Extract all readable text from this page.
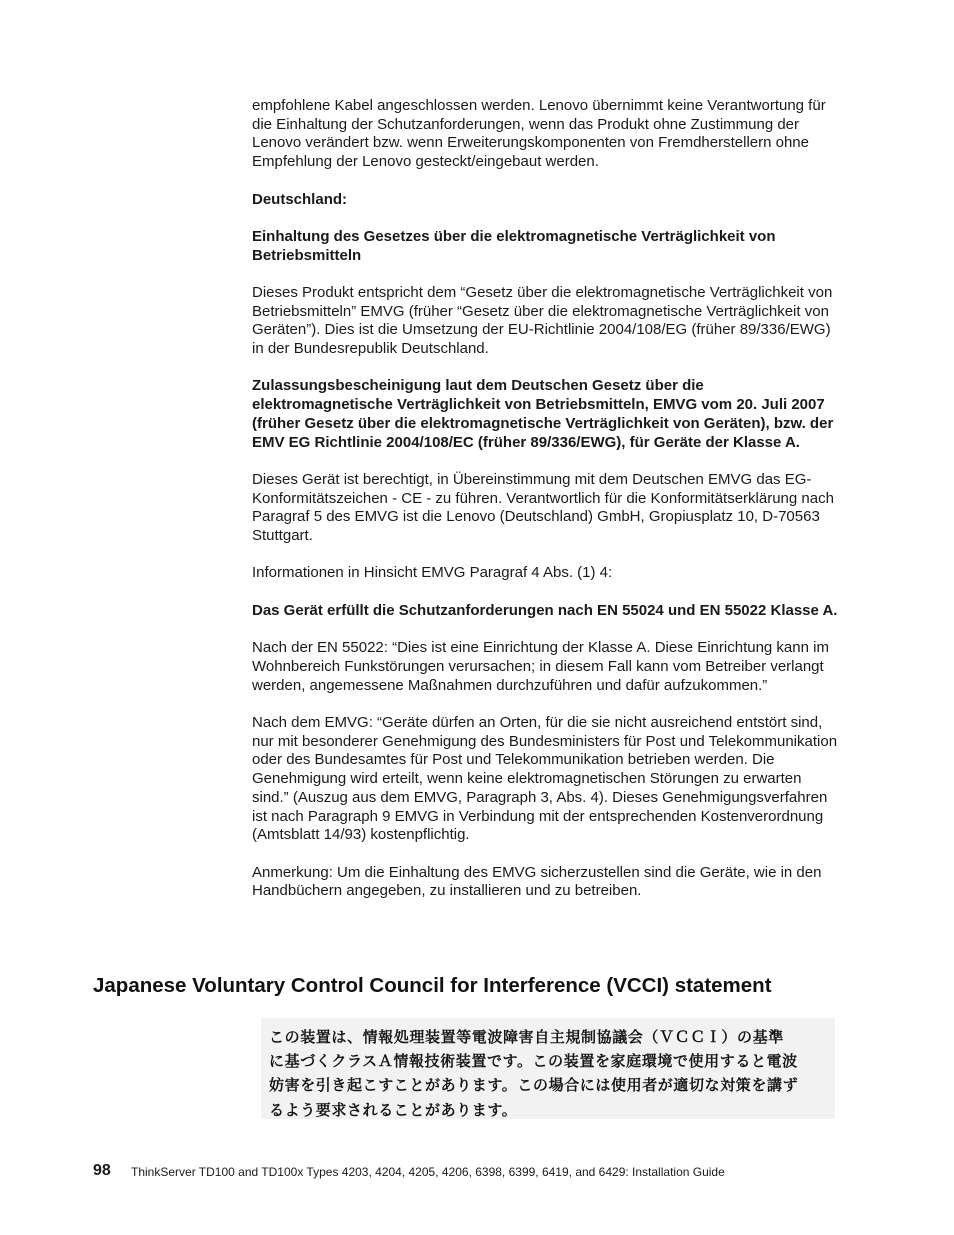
empfohlene Kabel angeschlossen werden. Lenovo übernimmt keine Verantwortung für die Einhaltung der Schutzanforderungen, wenn das Produkt ohne Zustimmung der Lenovo verändert bzw. wenn Erweiterungskomponenten von Fremdherstellern ohne Empfehlung der Lenovo gesteckt/eingebaut werden.

Deutschland:

Einhaltung des Gesetzes über die elektromagnetische Verträglichkeit von Betriebsmitteln

Dieses Produkt entspricht dem “Gesetz über die elektromagnetische Verträglichkeit von Betriebsmitteln” EMVG (früher “Gesetz über die elektromagnetische Verträglichkeit von Geräten”). Dies ist die Umsetzung der EU-Richtlinie 2004/108/EG (früher 89/336/EWG) in der Bundesrepublik Deutschland.

Zulassungsbescheinigung laut dem Deutschen Gesetz über die elektromagnetische Verträglichkeit von Betriebsmitteln, EMVG vom 20. Juli 2007 (früher Gesetz über die elektromagnetische Verträglichkeit von Geräten), bzw. der EMV EG Richtlinie 2004/108/EC (früher 89/336/EWG), für Geräte der Klasse A.

Dieses Gerät ist berechtigt, in Übereinstimmung mit dem Deutschen EMVG das EG-Konformitätszeichen - CE - zu führen. Verantwortlich für die Konformitätserklärung nach Paragraf 5 des EMVG ist die Lenovo (Deutschland) GmbH, Gropiusplatz 10, D-70563 Stuttgart.

Informationen in Hinsicht EMVG Paragraf 4 Abs. (1) 4:

Das Gerät erfüllt die Schutzanforderungen nach EN 55024 und EN 55022 Klasse A.

Nach der EN 55022: “Dies ist eine Einrichtung der Klasse A. Diese Einrichtung kann im Wohnbereich Funkstörungen verursachen; in diesem Fall kann vom Betreiber verlangt werden, angemessene Maßnahmen durchzuführen und dafür aufzukommen.”

Nach dem EMVG: “Geräte dürfen an Orten, für die sie nicht ausreichend entstört sind, nur mit besonderer Genehmigung des Bundesministers für Post und Telekommunikation oder des Bundesamtes für Post und Telekommunikation betrieben werden. Die Genehmigung wird erteilt, wenn keine elektromagnetischen Störungen zu erwarten sind.” (Auszug aus dem EMVG, Paragraph 3, Abs. 4). Dieses Genehmigungsverfahren ist nach Paragraph 9 EMVG in Verbindung mit der entsprechenden Kostenverordnung (Amtsblatt 14/93) kostenpflichtig.

Anmerkung: Um die Einhaltung des EMVG sicherzustellen sind die Geräte, wie in den Handbüchern angegeben, zu installieren und zu betreiben.

Japanese Voluntary Control Council for Interference (VCCI) statement
この装置は、情報処理装置等電波障害自主規制協議会（ＶＣＣＩ）の基準
に基づくクラスＡ情報技術装置です。この装置を家庭環境で使用すると電波
妨害を引き起こすことがあります。この場合には使用者が適切な対策を講ず
るよう要求されることがあります。
98 ThinkServer TD100 and TD100x Types 4203, 4204, 4205, 4206, 6398, 6399, 6419, and 6429: Installation Guide
